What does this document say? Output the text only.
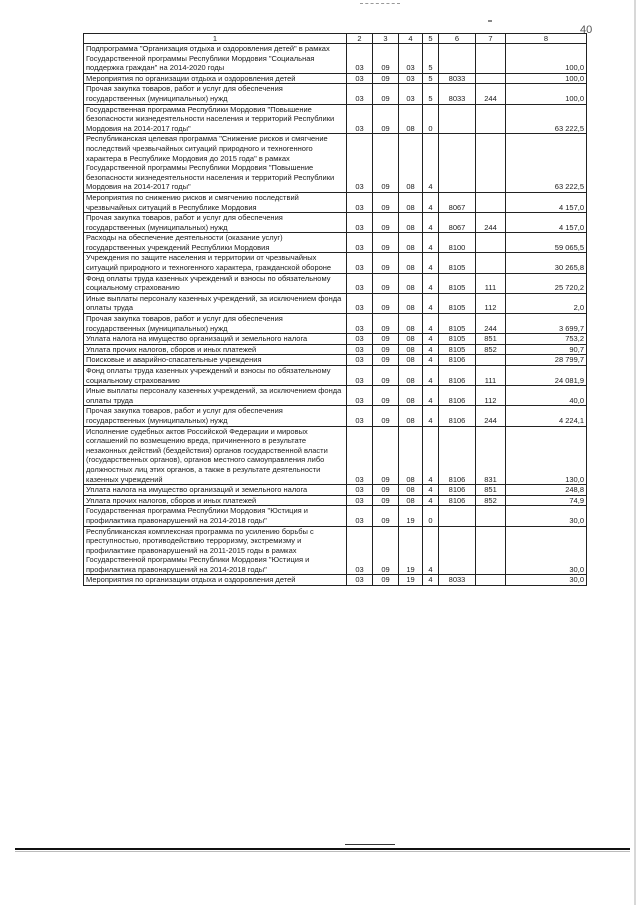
40
1	2	3	4	5	6	7	8
Подпрограмма "Организация отдыха и оздоровления детей" в рамках Государственной программы Республики Мордовия "Социальная поддержка граждан" на 2014-2020 годы	03	09	03	5			100,0
Мероприятия по организации отдыха и оздоровления детей	03	09	03	5	8033		100,0
Прочая закупка товаров, работ и услуг для обеспечения государственных (муниципальных) нужд	03	09	03	5	8033	244	100,0
Государственная программа Республики Мордовия "Повышение безопасности жизнедеятельности населения и территорий Республики Мордовия на 2014-2017 годы"	03	09	08	0			63 222,5
Республиканская целевая программа "Снижение рисков и смягчение последствий чрезвычайных ситуаций природного и техногенного характера в Республике Мордовия до 2015 года" в рамках Государственной программы Республики Мордовия "Повышение безопасности жизнедеятельности населения и территорий Республики Мордовия на 2014-2017 годы"	03	09	08	4			63 222,5
Мероприятия по снижению рисков и смягчению последствий чрезвычайных ситуаций в Республике Мордовия	03	09	08	4	8067		4 157,0
Прочая закупка товаров, работ и услуг для обеспечения государственных (муниципальных) нужд	03	09	08	4	8067	244	4 157,0
Расходы на обеспечение деятельности (оказание услуг) государственных учреждений Республики Мордовия	03	09	08	4	8100		59 065,5
Учреждения по защите населения и территории от чрезвычайных ситуаций природного и техногенного характера, гражданской обороне	03	09	08	4	8105		30 265,8
Фонд оплаты труда казенных учреждений и взносы по обязательному социальному страхованию	03	09	08	4	8105	111	25 720,2
Иные выплаты персоналу казенных учреждений, за исключением фонда оплаты труда	03	09	08	4	8105	112	2,0
Прочая закупка товаров, работ и услуг для обеспечения государственных (муниципальных) нужд	03	09	08	4	8105	244	3 699,7
Уплата налога на имущество организаций и земельного налога	03	09	08	4	8105	851	753,2
Уплата прочих налогов, сборов и иных платежей	03	09	08	4	8105	852	90,7
Поисковые и аварийно-спасательные учреждения	03	09	08	4	8106		28 799,7
Фонд оплаты труда казенных учреждений и взносы по обязательному социальному страхованию	03	09	08	4	8106	111	24 081,9
Иные выплаты персоналу казенных учреждений, за исключением фонда оплаты труда	03	09	08	4	8106	112	40,0
Прочая закупка товаров, работ и услуг для обеспечения государственных (муниципальных) нужд	03	09	08	4	8106	244	4 224,1
Исполнение судебных актов Российской Федерации и мировых соглашений по возмещению вреда, причиненного в результате незаконных действий (бездействия) органов государственной власти (государственных органов), органов местного самоуправления либо должностных лиц этих органов, а также в результате деятельности казенных учреждений	03	09	08	4	8106	831	130,0
Уплата налога на имущество организаций и земельного налога	03	09	08	4	8106	851	248,8
Уплата прочих налогов, сборов и иных платежей	03	09	08	4	8106	852	74,9
Государственная программа Республики Мордовия "Юстиция и профилактика правонарушений на 2014-2018 годы"	03	09	19	0			30,0
Республиканская комплексная программа по усилению борьбы с преступностью, противодействию терроризму, экстремизму и профилактике правонарушений на 2011-2015 годы в рамках Государственной программы Республики Мордовия "Юстиция и профилактика правонарушений на 2014-2018 годы"	03	09	19	4			30,0
Мероприятия по организации отдыха и оздоровления детей	03	09	19	4	8033		30,0
